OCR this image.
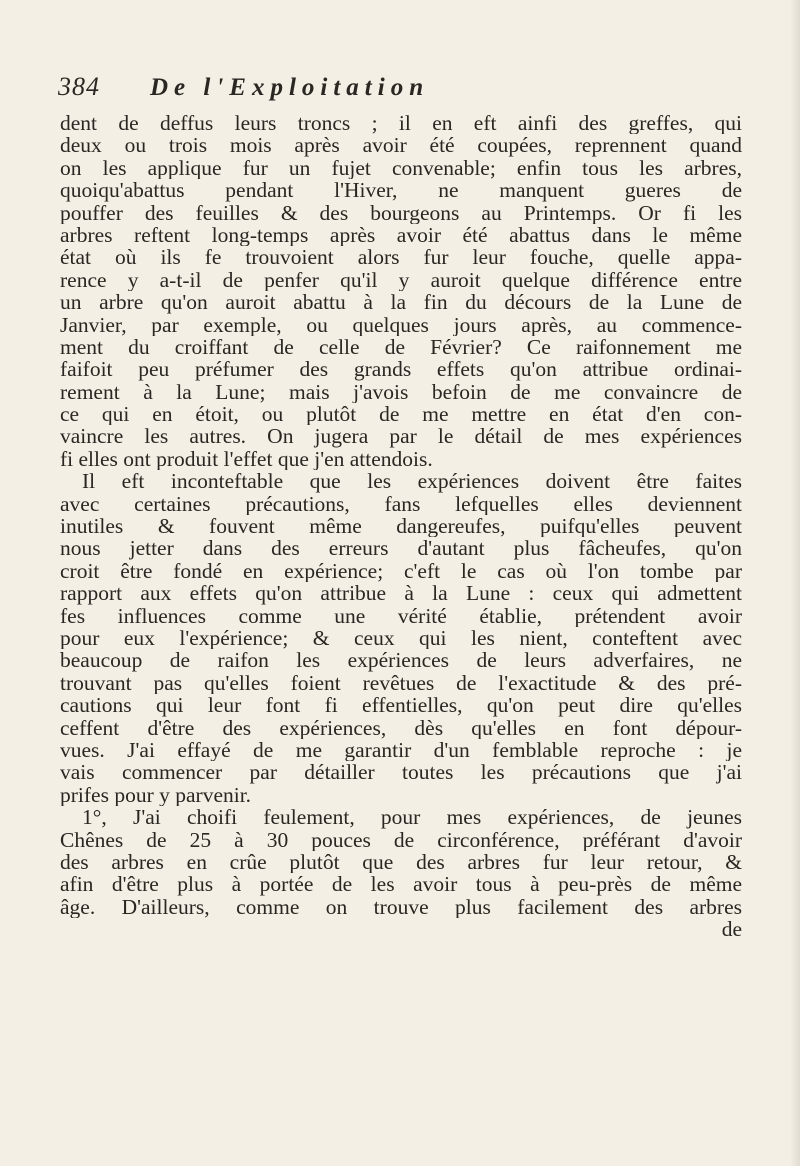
384 De l'Exploitation
dent de deffus leurs troncs ; il en eft ainfi des greffes, qui
deux ou trois mois après avoir été coupées, reprennent quand
on les applique fur un fujet convenable; enfin tous les arbres,
quoiqu'abattus pendant l'Hiver, ne manquent gueres de
pouffer des feuilles & des bourgeons au Printemps. Or fi les
arbres reftent long-temps après avoir été abattus dans le même
état où ils fe trouvoient alors fur leur fouche, quelle appa-
rence y a-t-il de penfer qu'il y auroit quelque différence entre
un arbre qu'on auroit abattu à la fin du décours de la Lune de
Janvier, par exemple, ou quelques jours après, au commence-
ment du croiffant de celle de Février? Ce raifonnement me
faifoit peu préfumer des grands effets qu'on attribue ordinai-
rement à la Lune; mais j'avois befoin de me convaincre de
ce qui en étoit, ou plutôt de me mettre en état d'en con-
vaincre les autres. On jugera par le détail de mes expériences
fi elles ont produit l'effet que j'en attendois.
Il eft inconteftable que les expériences doivent être faites
avec certaines précautions, fans lefquelles elles deviennent
inutiles & fouvent même dangereufes, puifqu'elles peuvent
nous jetter dans des erreurs d'autant plus fâcheufes, qu'on
croit être fondé en expérience; c'eft le cas où l'on tombe par
rapport aux effets qu'on attribue à la Lune : ceux qui admettent
fes influences comme une vérité établie, prétendent avoir
pour eux l'expérience; & ceux qui les nient, conteftent avec
beaucoup de raifon les expériences de leurs adverfaires, ne
trouvant pas qu'elles foient revêtues de l'exactitude & des pré-
cautions qui leur font fi effentielles, qu'on peut dire qu'elles
ceffent d'être des expériences, dès qu'elles en font dépour-
vues. J'ai effayé de me garantir d'un femblable reproche : je
vais commencer par détailler toutes les précautions que j'ai
prifes pour y parvenir.
1°, J'ai choifi feulement, pour mes expériences, de jeunes
Chênes de 25 à 30 pouces de circonférence, préférant d'avoir
des arbres en crûe plutôt que des arbres fur leur retour, &
afin d'être plus à portée de les avoir tous à peu-près de même
âge. D'ailleurs, comme on trouve plus facilement des arbres
de
